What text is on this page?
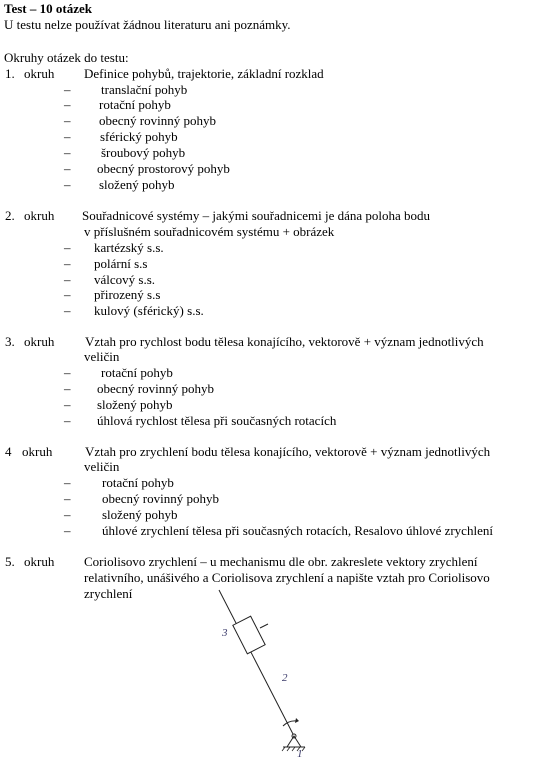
Test – 10 otázek
U testu nelze používat žádnou literaturu ani poznámky.
Okruhy otázek do testu:
1. okruh Definice pohybů, trajektorie, základní rozklad
– translační pohyb
– rotační pohyb
– obecný rovinný pohyb
– sférický pohyb
– šroubový pohyb
– obecný prostorový pohyb
– složený pohyb
2. okruh Souřadnicové systémy – jakými souřadnicemi je dána poloha bodu
v příslušném souřadnicovém systému + obrázek
– kartézský s.s.
– polární s.s
– válcový s.s.
– přirozený s.s
– kulový (sférický) s.s.
3. okruh Vztah pro rychlost bodu tělesa konajícího, vektorově + význam jednotlivých
veličin
– rotační pohyb
– obecný rovinný pohyb
– složený pohyb
– úhlová rychlost tělesa při současných rotacích
4 okruh	Vztah pro zrychlení bodu tělesa konajícího, vektorově + význam jednotlivých
veličin
– rotační pohyb
– obecný rovinný pohyb
– složený pohyb
– úhlové zrychlení tělesa při současných rotacích, Resalovo úhlové zrychlení
5. okruh Coriolisovo zrychlení – u mechanismu dle obr. zakreslete vektory zrychlení
relativního, unášivého a Coriolisova zrychlení a napište vztah pro Coriolisovo
zrychlení
3
2
1
